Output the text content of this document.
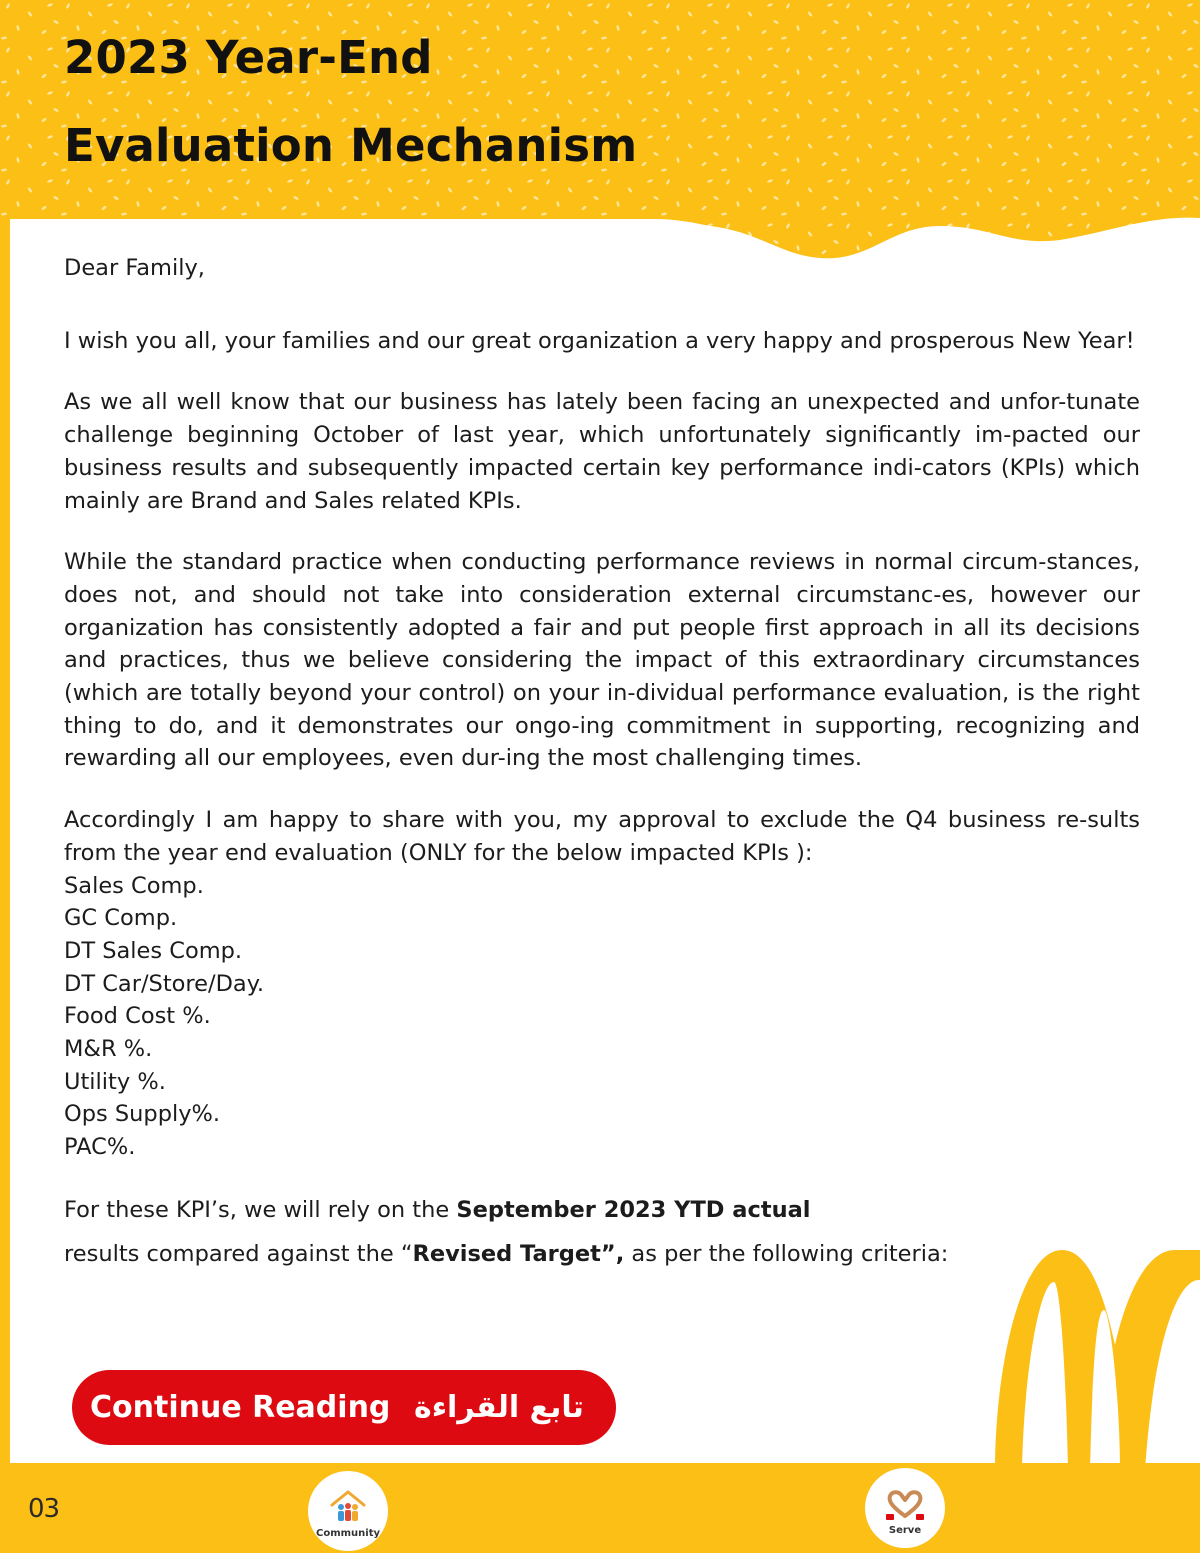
2023 Year-End
Evaluation Mechanism

Dear Family,

I wish you all, your families and our great organization a very happy and prosperous New Year!

As we all well know that our business has lately been facing an unexpected and unfor-tunate challenge beginning October of last year, which unfortunately significantly im-pacted our business results and subsequently impacted certain key performance indi-cators (KPIs) which mainly are Brand and Sales related KPIs.

While the standard practice when conducting performance reviews in normal circum-stances, does not, and should not take into consideration external circumstanc-es, however our organization has consistently adopted a fair and put people first approach in all its decisions and practices, thus we believe considering the impact of this extraordinary circumstances (which are totally beyond your control) on your in-dividual performance evaluation, is the right thing to do, and it demonstrates our ongo-ing commitment in supporting, recognizing and rewarding all our employees, even dur-ing the most challenging times.

Accordingly I am happy to share with you, my approval to exclude the Q4 business re-sults from the year end evaluation (ONLY for the below impacted KPIs ):

Sales Comp.
GC Comp.
DT Sales Comp.
DT Car/Store/Day.
Food Cost %.
M&R %.
Utility %.
Ops Supply%.
PAC%.

For these KPI’s, we will rely on the September 2023 YTD actual

results compared against the “Revised Target”, as per the following criteria:

Continue Reading تابع القراءة
03
Community	Serve
